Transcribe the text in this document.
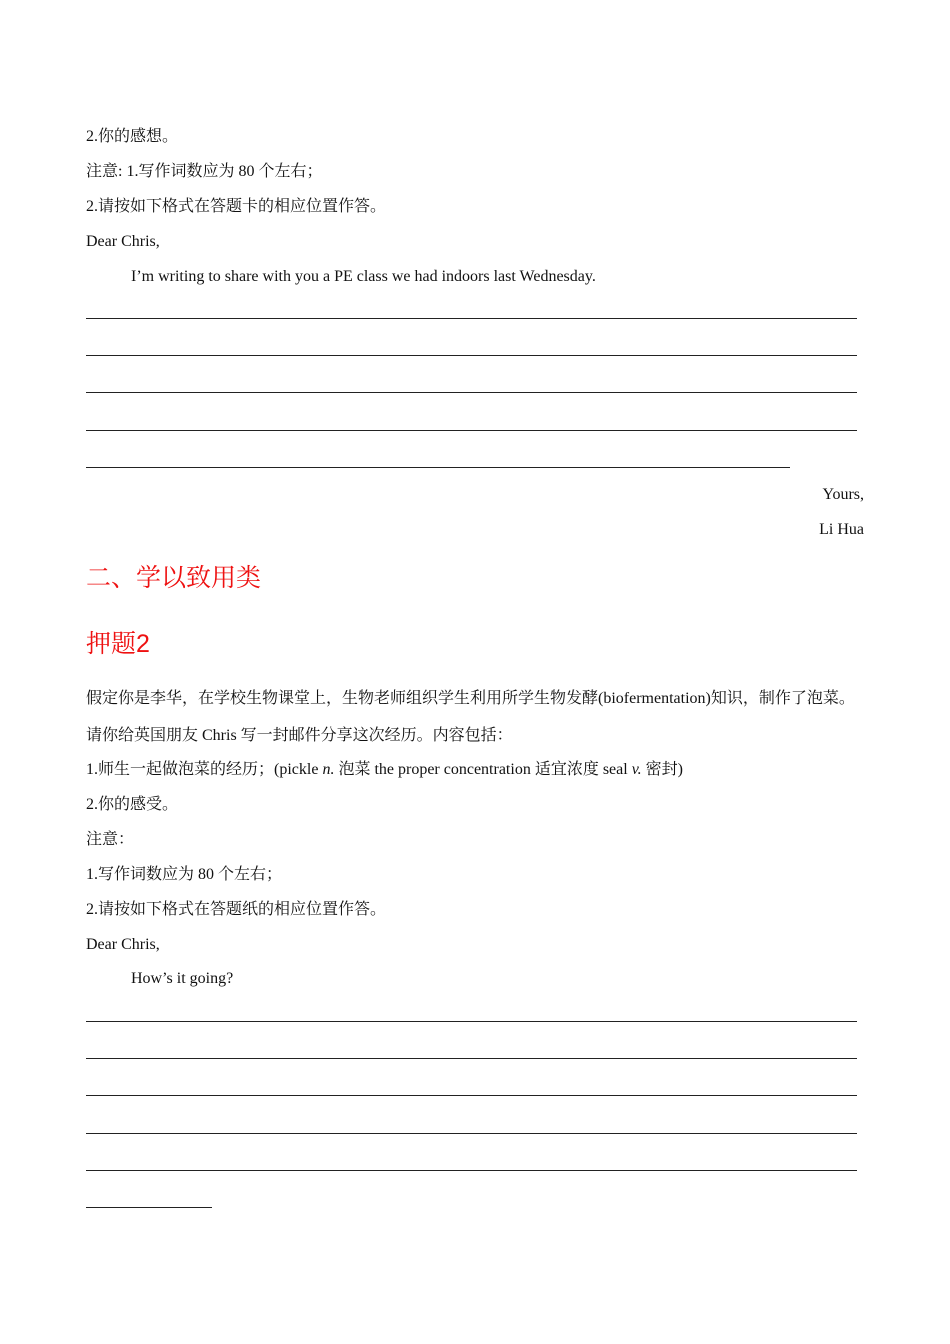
2.你的感想。
注意: 1.写作词数应为 80 个左右；
2.请按如下格式在答题卡的相应位置作答。
Dear Chris,
I’m writing to share with you a PE class we had indoors last Wednesday.
Yours,
Li Hua
二、学以致用类
押题2
假定你是李华，在学校生物课堂上，生物老师组织学生利用所学生物发酵(biofermentation)知识，制作了泡菜。请你给英国朋友 Chris 写一封邮件分享这次经历。内容包括：
1.师生一起做泡菜的经历；(pickle n. 泡菜 the proper concentration 适宜浓度 seal v. 密封)
2.你的感受。
注意：
1.写作词数应为 80 个左右；
2.请按如下格式在答题纸的相应位置作答。
Dear Chris,
How’s it going?
